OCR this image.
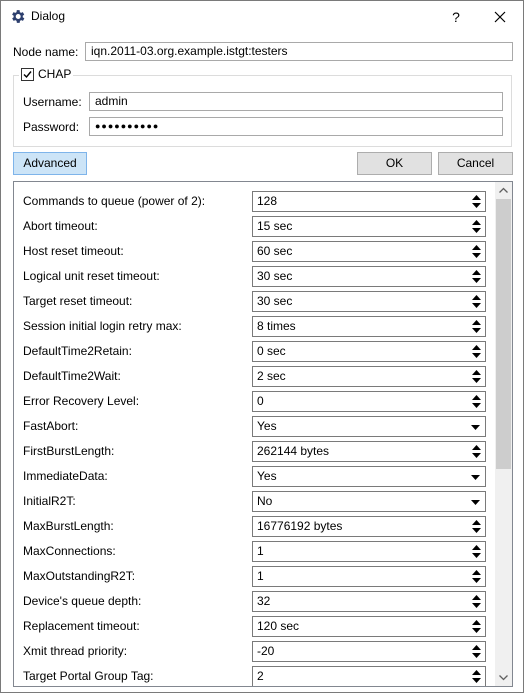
Dialog	?
Node name:	iqn.2011-03.org.example.istgt:testers
CHAP
Username:	admin
Password:	●●●●●●●●●●
Advanced	OK	Cancel
Commands to queue (power of 2):	128
Abort timeout:	15 sec
Host reset timeout:	60 sec
Logical unit reset timeout:	30 sec
Target reset timeout:	30 sec
Session initial login retry max:	8 times
DefaultTime2Retain:	0 sec
DefaultTime2Wait:	2 sec
Error Recovery Level:	0
FastAbort:	Yes
FirstBurstLength:	262144 bytes
ImmediateData:	Yes
InitialR2T:	No
MaxBurstLength:	16776192 bytes
MaxConnections:	1
MaxOutstandingR2T:	1
Device's queue depth:	32
Replacement timeout:	120 sec
Xmit thread priority:	-20
Target Portal Group Tag:	2
